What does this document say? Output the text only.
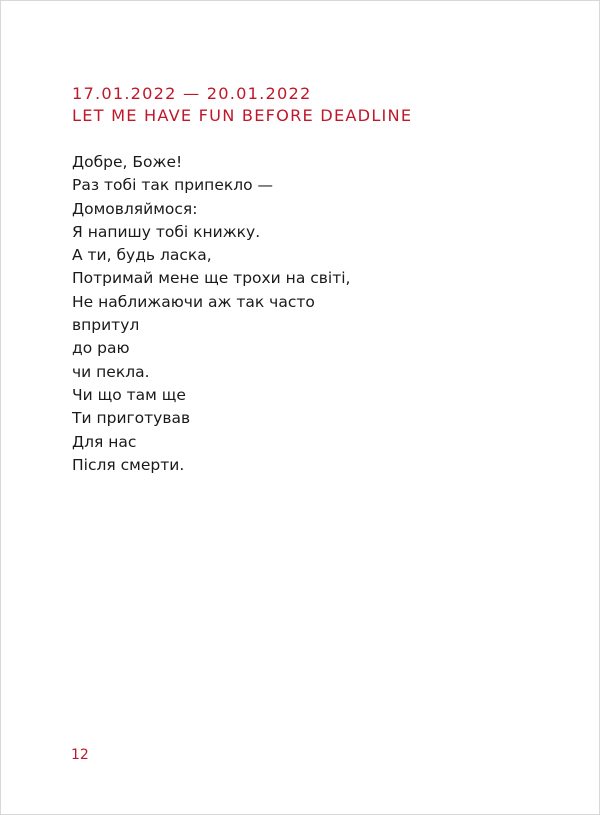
17.01.2022 — 20.01.2022
LET ME HAVE FUN BEFORE DEADLINE
Добре, Боже!
Раз тобі так припекло —
Домовляймося:
Я напишу тобі книжку.
А ти, будь ласка,
Потримай мене ще трохи на світі,
Не наближаючи аж так часто
впритул
до раю
чи пекла.
Чи що там ще
Ти приготував
Для нас
Після смерти.
12
